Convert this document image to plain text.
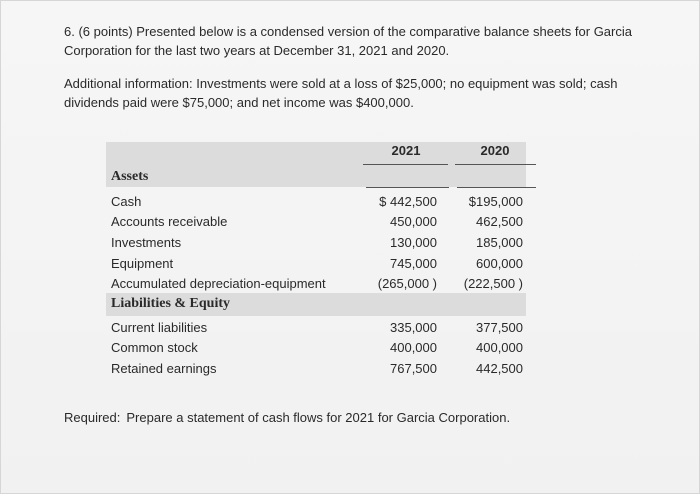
6. (6 points) Presented below is a condensed version of the comparative balance sheets for Garcia Corporation for the last two years at December 31, 2021 and 2020.
Additional information: Investments were sold at a loss of $25,000; no equipment was sold; cash dividends paid were $75,000; and net income was $400,000.
2021	2020
Assets
Cash	$ 442,500	$195,000
Accounts receivable	450,000	462,500
Investments	130,000	185,000
Equipment	745,000	600,000
Accumulated depreciation-equipment	(265,000 )	(222,500 )
Liabilities & Equity
Current liabilities	335,000	377,500
Common stock	400,000	400,000
Retained earnings	767,500	442,500
Required: Prepare a statement of cash flows for 2021 for Garcia Corporation.
